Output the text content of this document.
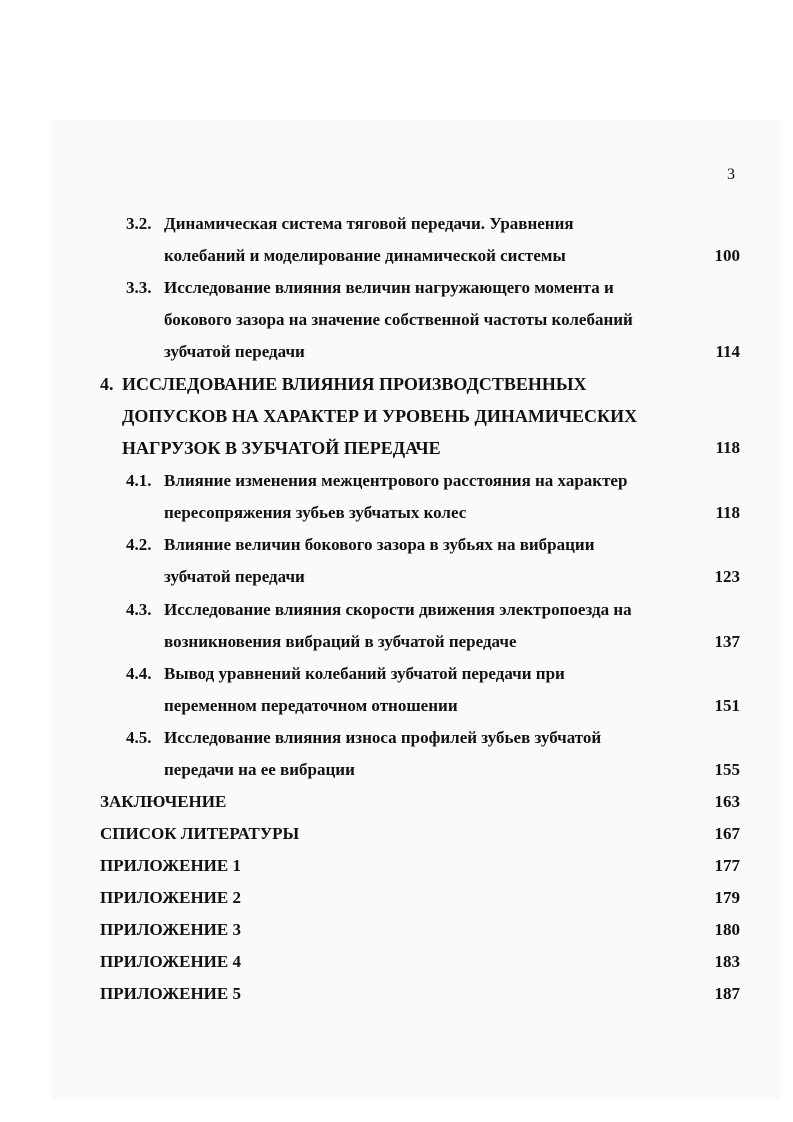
3
3.2. Динамическая система тяговой передачи. Уравнения
колебаний и моделирование динамической системы	100
3.3. Исследование влияния величин нагружающего момента и
бокового зазора на значение собственной частоты колебаний
зубчатой передачи	114
4. ИССЛЕДОВАНИЕ ВЛИЯНИЯ ПРОИЗВОДСТВЕННЫХ
ДОПУСКОВ НА ХАРАКТЕР И УРОВЕНЬ ДИНАМИЧЕСКИХ
НАГРУЗОК В ЗУБЧАТОЙ ПЕРЕДАЧЕ	118
4.1. Влияние изменения межцентрового расстояния на характер
пересопряжения зубьев зубчатых колес	118
4.2. Влияние величин бокового зазора в зубьях на вибрации
зубчатой передачи	123
4.3. Исследование влияния скорости движения электропоезда на
возникновения вибраций в зубчатой передаче	137
4.4. Вывод уравнений колебаний зубчатой передачи при
переменном передаточном отношении	151
4.5. Исследование влияния износа профилей зубьев зубчатой
передачи на ее вибрации	155
ЗАКЛЮЧЕНИЕ	163
СПИСОК ЛИТЕРАТУРЫ	167
ПРИЛОЖЕНИЕ 1	177
ПРИЛОЖЕНИЕ 2	179
ПРИЛОЖЕНИЕ 3	180
ПРИЛОЖЕНИЕ 4	183
ПРИЛОЖЕНИЕ 5	187
